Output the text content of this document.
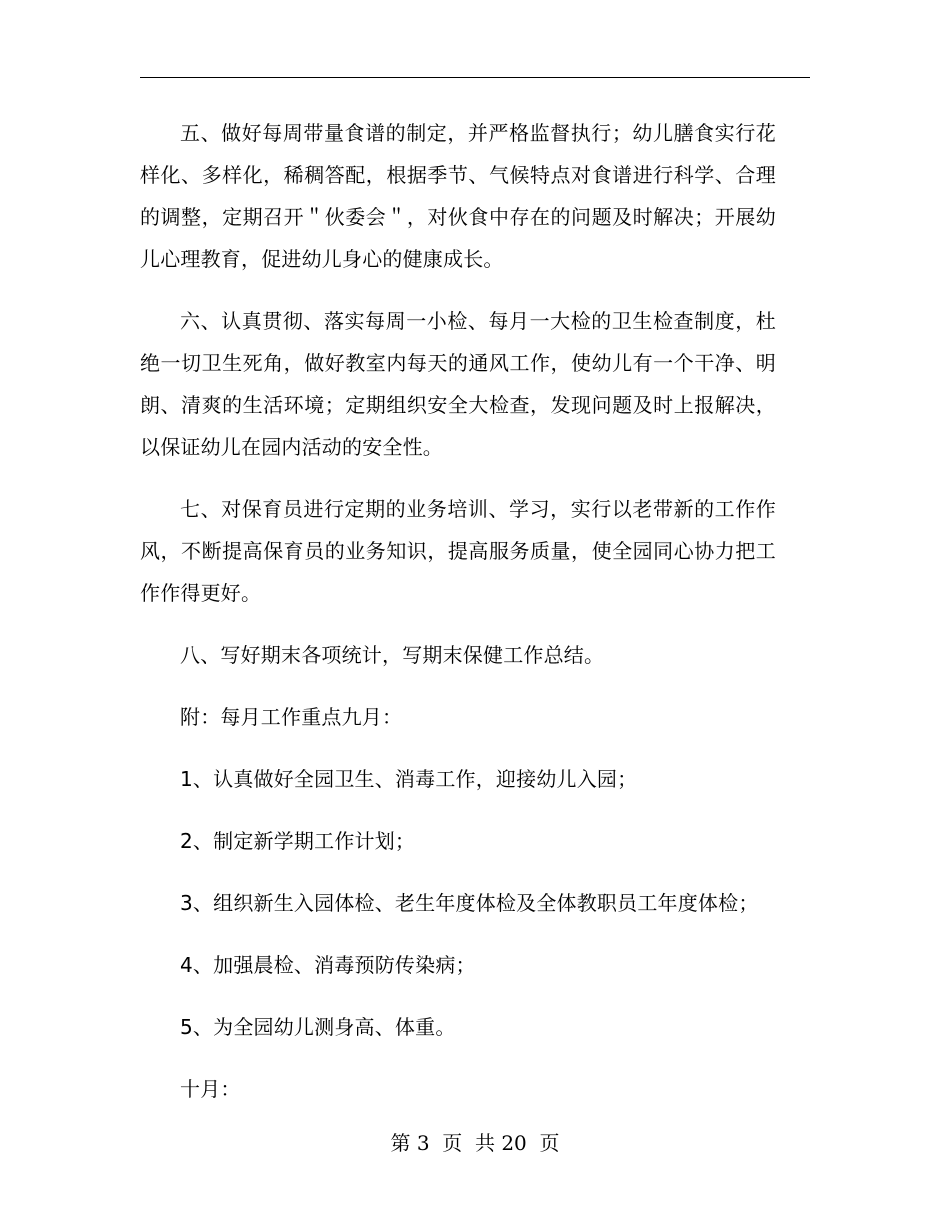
五、做好每周带量食谱的制定，并严格监督执行；幼儿膳食实行花样化、多样化，稀稠答配，根据季节、气候特点对食谱进行科学、合理的调整，定期召开＂伙委会＂，对伙食中存在的问题及时解决；开展幼儿心理教育，促进幼儿身心的健康成长。

六、认真贯彻、落实每周一小检、每月一大检的卫生检查制度，杜绝一切卫生死角，做好教室内每天的通风工作，使幼儿有一个干净、明朗、清爽的生活环境；定期组织安全大检查，发现问题及时上报解决，以保证幼儿在园内活动的安全性。

七、对保育员进行定期的业务培训、学习，实行以老带新的工作作风，不断提高保育员的业务知识，提高服务质量，使全园同心协力把工作作得更好。

八、写好期末各项统计，写期末保健工作总结。

附：每月工作重点九月：

1、认真做好全园卫生、消毒工作，迎接幼儿入园；

2、制定新学期工作计划；

3、组织新生入园体检、老生年度体检及全体教职员工年度体检；

4、加强晨检、消毒预防传染病；

5、为全园幼儿测身高、体重。

十月：

第 3  页  共 20  页
